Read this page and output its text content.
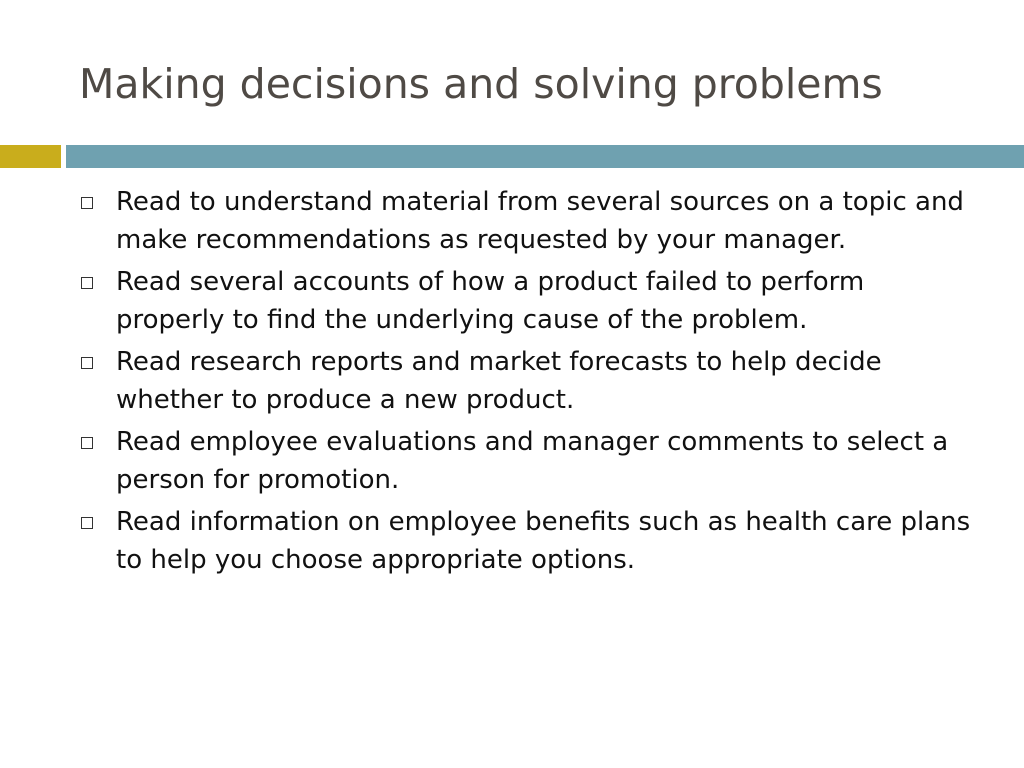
Making decisions and solving problems
Read to understand material from several sources on a topic and make recommendations as requested by your manager.
Read several accounts of how a product failed to perform properly to find the underlying cause of the problem.
Read research reports and market forecasts to help decide whether to produce a new product.
Read employee evaluations and manager comments to select a person for promotion.
Read information on employee benefits such as health care plans to help you choose appropriate options.
